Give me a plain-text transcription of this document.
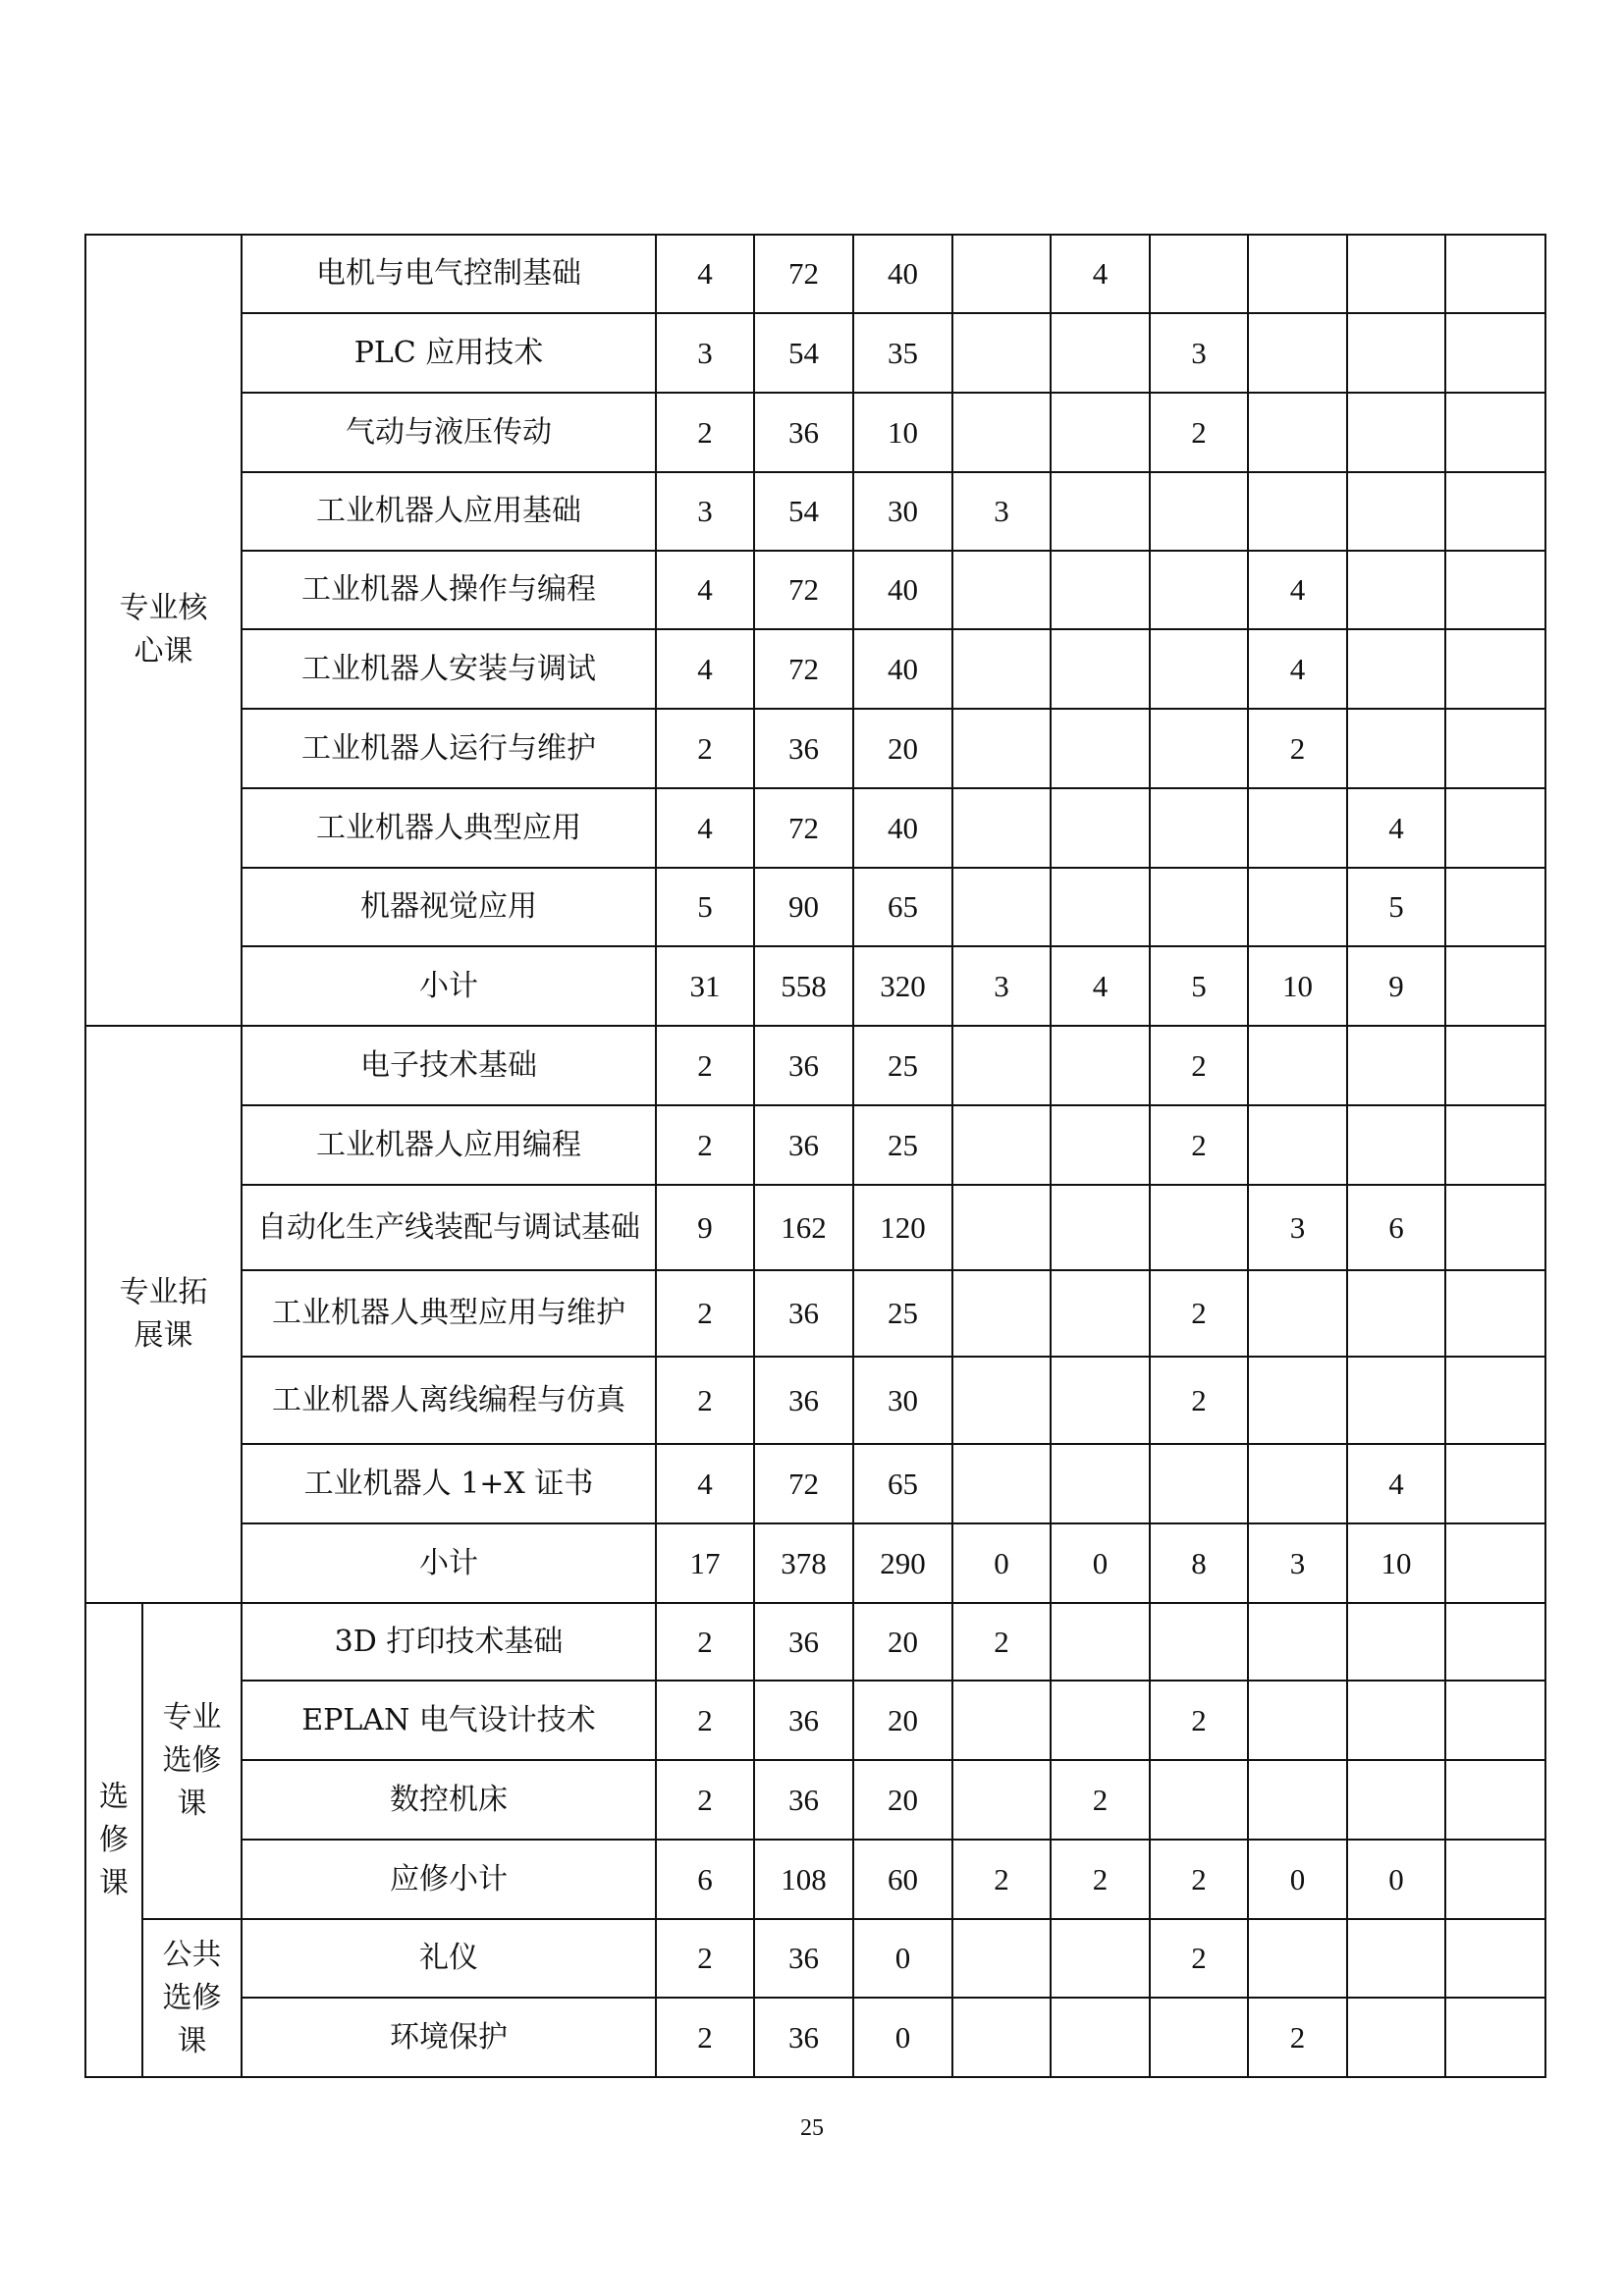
专业核心课		电机与电气控制基础	4	72	40		4				
		PLC 应用技术	3	54	35			3			
		气动与液压传动	2	36	10			2			
		工业机器人应用基础	3	54	30	3					
		工业机器人操作与编程	4	72	40				4		
		工业机器人安装与调试	4	72	40				4		
		工业机器人运行与维护	2	36	20				2		
		工业机器人典型应用	4	72	40					4	
		机器视觉应用	5	90	65					5	
		小计	31	558	320	3	4	5	10	9	
专业拓展课		电子技术基础	2	36	25			2			
		工业机器人应用编程	2	36	25			2			
		自动化生产线装配与调试基础	9	162	120				3	6	
		工业机器人典型应用与维护	2	36	25			2			
		工业机器人离线编程与仿真	2	36	30			2			
		工业机器人 1+X 证书	4	72	65					4	
		小计	17	378	290	0	0	8	3	10	
选修课	专业选修课	3D 打印技术基础	2	36	20	2					
		EPLAN 电气设计技术	2	36	20			2			
		数控机床	2	36	20		2				
		应修小计	6	108	60	2	2	2	0	0	
	公共选修课	礼仪	2	36	0			2			
		环境保护	2	36	0				2		
25
